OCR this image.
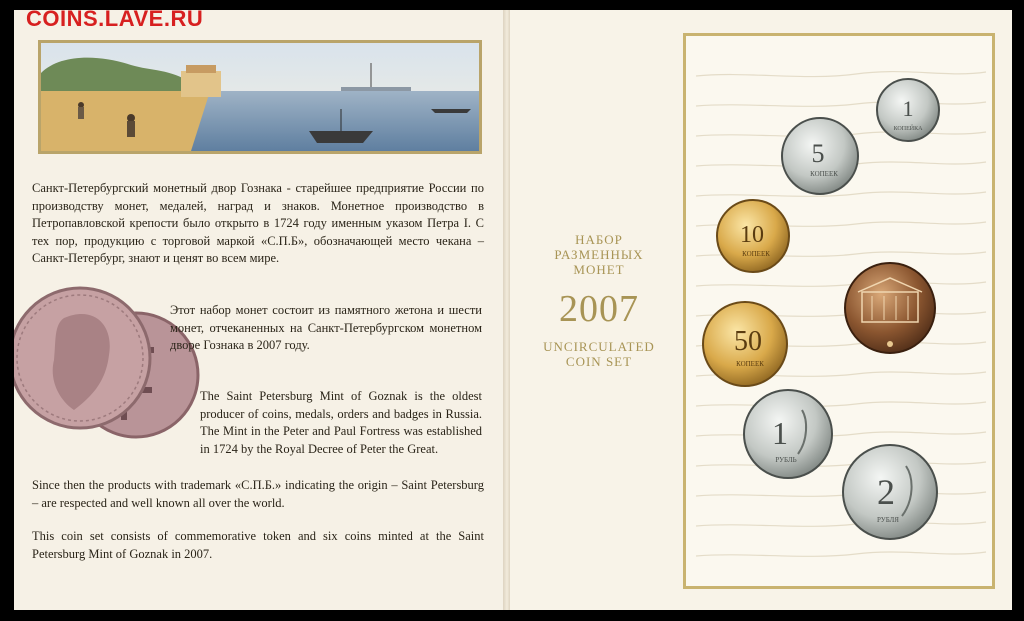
COINS.LAVE.RU

Санкт-Петербургский монетный двор Гознака - старейшее предприятие России по производству монет, медалей, наград и знаков. Монетное производство в Петропавловской крепости было открыто в 1724 году именным указом Петра I. С тех пор, продукцию с торговой маркой «С.П.Б», обозначающей место чекана – Санкт-Петербург, знают и ценят во всем мире.

Этот набор монет состоит из памятного жетона и шести монет, отчеканенных на Санкт-Петербургском монетном дворе Гознака в 2007 году.

The Saint Petersburg Mint of Goznak is the oldest producer of coins, medals, orders and badges in Russia. The Mint in the Peter and Paul Fortress was established in 1724 by the Royal Decree of Peter the Great.

Since then the products with trademark «С.П.Б.» indicating the origin – Saint Petersburg – are respected and well known all over the world.

This coin set consists of commemorative token and six coins minted at the Saint Petersburg Mint of Goznak in 2007.

НАБОР
РАЗМЕННЫХ
МОНЕТ
2007
UNCIRCULATED
COIN SET
1
КОПЕЙКА
5
КОПЕЕК
10
КОПЕЕК
50
КОПЕЕК
1
РУБЛЬ
2
РУБЛЯ
